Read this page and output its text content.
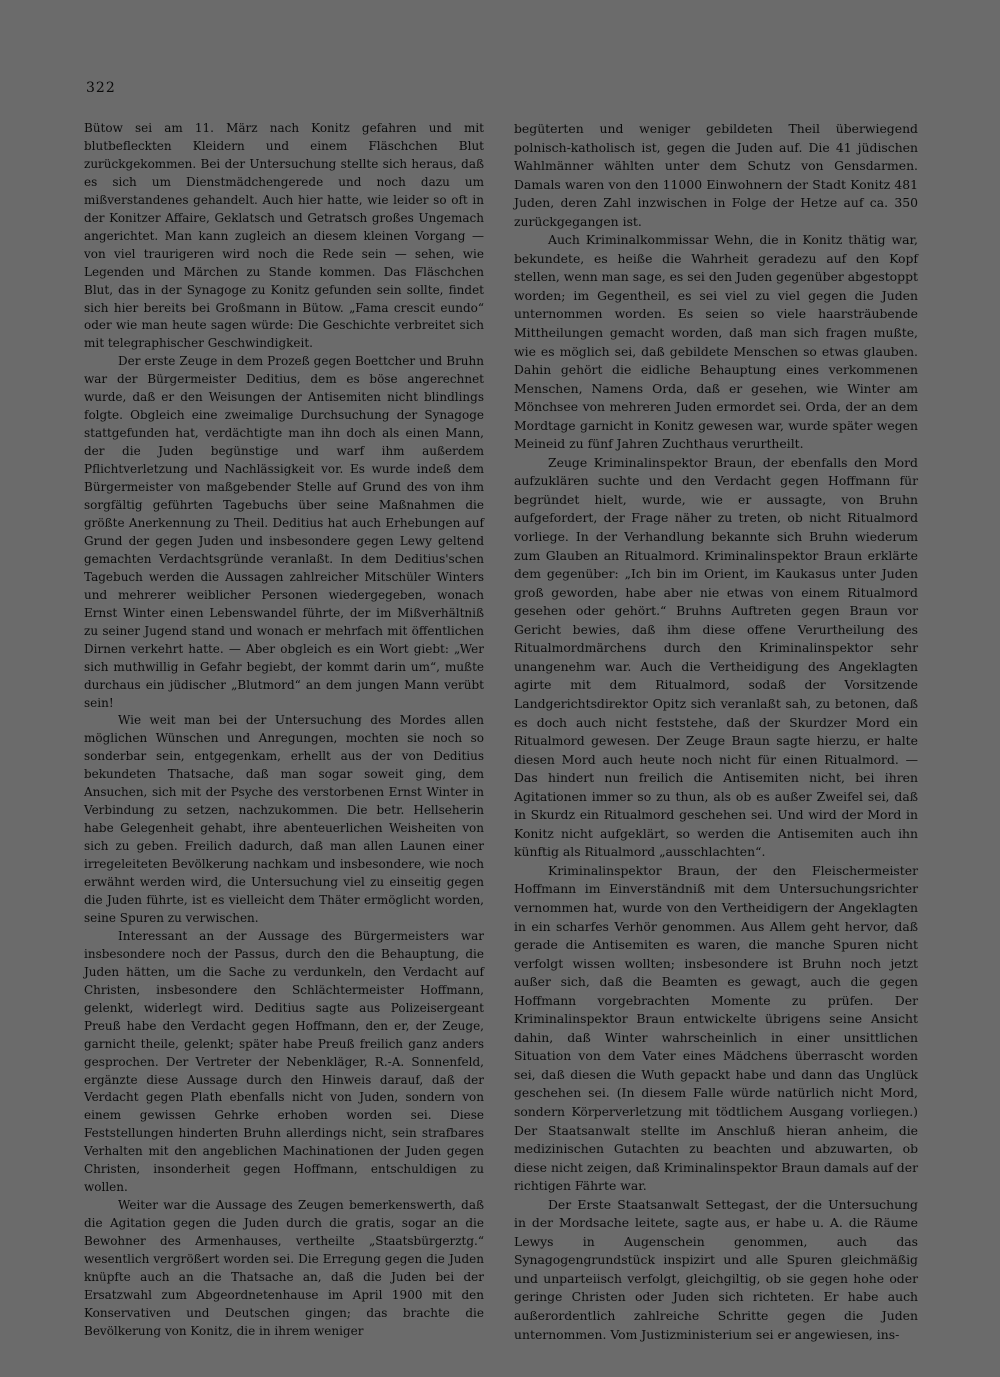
322

Bütow sei am 11. März nach Konitz gefahren und mit blutbefleckten Kleidern und einem Fläschchen Blut zurückgekommen. Bei der Untersuchung stellte sich heraus, daß es sich um Dienstmädchengerede und noch dazu um mißverstandenes gehandelt. Auch hier hatte, wie leider so oft in der Konitzer Affaire, Geklatsch und Getratsch großes Ungemach angerichtet. Man kann zugleich an diesem kleinen Vorgang — von viel traurigeren wird noch die Rede sein — sehen, wie Legenden und Märchen zu Stande kommen. Das Fläschchen Blut, das in der Synagoge zu Konitz gefunden sein sollte, findet sich hier bereits bei Großmann in Bütow. „Fama crescit eundo“ oder wie man heute sagen würde: Die Geschichte verbreitet sich mit telegraphischer Geschwindigkeit.

Der erste Zeuge in dem Prozeß gegen Boettcher und Bruhn war der Bürgermeister Deditius, dem es böse angerechnet wurde, daß er den Weisungen der Antisemiten nicht blindlings folgte. Obgleich eine zweimalige Durchsuchung der Synagoge stattgefunden hat, verdächtigte man ihn doch als einen Mann, der die Juden begünstige und warf ihm außerdem Pflichtverletzung und Nachlässigkeit vor. Es wurde indeß dem Bürgermeister von maßgebender Stelle auf Grund des von ihm sorgfältig geführten Tagebuchs über seine Maßnahmen die größte Anerkennung zu Theil. Deditius hat auch Erhebungen auf Grund der gegen Juden und insbesondere gegen Lewy geltend gemachten Verdachtsgründe veranlaßt. In dem Deditius'schen Tagebuch werden die Aussagen zahlreicher Mitschüler Winters und mehrerer weiblicher Personen wiedergegeben, wonach Ernst Winter einen Lebenswandel führte, der im Mißverhältniß zu seiner Jugend stand und wonach er mehrfach mit öffentlichen Dirnen verkehrt hatte. — Aber obgleich es ein Wort giebt: „Wer sich muthwillig in Gefahr begiebt, der kommt darin um“, mußte durchaus ein jüdischer „Blutmord“ an dem jungen Mann verübt sein!

Wie weit man bei der Untersuchung des Mordes allen möglichen Wünschen und Anregungen, mochten sie noch so sonderbar sein, entgegenkam, erhellt aus der von Deditius bekundeten Thatsache, daß man sogar soweit ging, dem Ansuchen, sich mit der Psyche des verstorbenen Ernst Winter in Verbindung zu setzen, nachzukommen. Die betr. Hellseherin habe Gelegenheit gehabt, ihre abenteuerlichen Weisheiten von sich zu geben. Freilich dadurch, daß man allen Launen einer irregeleiteten Bevölkerung nachkam und insbesondere, wie noch erwähnt werden wird, die Untersuchung viel zu einseitig gegen die Juden führte, ist es vielleicht dem Thäter ermöglicht worden, seine Spuren zu verwischen.

Interessant an der Aussage des Bürgermeisters war insbesondere noch der Passus, durch den die Behauptung, die Juden hätten, um die Sache zu verdunkeln, den Verdacht auf Christen, insbesondere den Schlächtermeister Hoffmann, gelenkt, widerlegt wird. Deditius sagte aus Polizeisergeant Preuß habe den Verdacht gegen Hoffmann, den er, der Zeuge, garnicht theile, gelenkt; später habe Preuß freilich ganz anders gesprochen. Der Vertreter der Nebenkläger, R.-A. Sonnenfeld, ergänzte diese Aussage durch den Hinweis darauf, daß der Verdacht gegen Plath ebenfalls nicht von Juden, sondern von einem gewissen Gehrke erhoben worden sei. Diese Feststellungen hinderten Bruhn allerdings nicht, sein strafbares Verhalten mit den angeblichen Machinationen der Juden gegen Christen, insonderheit gegen Hoffmann, entschuldigen zu wollen.

Weiter war die Aussage des Zeugen bemerkenswerth, daß die Agitation gegen die Juden durch die gratis, sogar an die Bewohner des Armenhauses, vertheilte „Staatsbürgerztg.“ wesentlich vergrößert worden sei. Die Erregung gegen die Juden knüpfte auch an die Thatsache an, daß die Juden bei der Ersatzwahl zum Abgeordnetenhause im April 1900 mit den Konservativen und Deutschen gingen; das brachte die Bevölkerung von Konitz, die in ihrem weniger

begüterten und weniger gebildeten Theil überwiegend polnisch-katholisch ist, gegen die Juden auf. Die 41 jüdischen Wahlmänner wählten unter dem Schutz von Gensdarmen. Damals waren von den 11000 Einwohnern der Stadt Konitz 481 Juden, deren Zahl inzwischen in Folge der Hetze auf ca. 350 zurückgegangen ist.

Auch Kriminalkommissar Wehn, die in Konitz thätig war, bekundete, es heiße die Wahrheit geradezu auf den Kopf stellen, wenn man sage, es sei den Juden gegenüber abgestoppt worden; im Gegentheil, es sei viel zu viel gegen die Juden unternommen worden. Es seien so viele haarsträubende Mittheilungen gemacht worden, daß man sich fragen mußte, wie es möglich sei, daß gebildete Menschen so etwas glauben. Dahin gehört die eidliche Behauptung eines verkommenen Menschen, Namens Orda, daß er gesehen, wie Winter am Mönchsee von mehreren Juden ermordet sei. Orda, der an dem Mordtage garnicht in Konitz gewesen war, wurde später wegen Meineid zu fünf Jahren Zuchthaus verurtheilt.

Zeuge Kriminalinspektor Braun, der ebenfalls den Mord aufzuklären suchte und den Verdacht gegen Hoffmann für begründet hielt, wurde, wie er aussagte, von Bruhn aufgefordert, der Frage näher zu treten, ob nicht Ritualmord vorliege. In der Verhandlung bekannte sich Bruhn wiederum zum Glauben an Ritualmord. Kriminalinspektor Braun erklärte dem gegenüber: „Ich bin im Orient, im Kaukasus unter Juden groß geworden, habe aber nie etwas von einem Ritualmord gesehen oder gehört.“ Bruhns Auftreten gegen Braun vor Gericht bewies, daß ihm diese offene Verurtheilung des Ritualmordmärchens durch den Kriminalinspektor sehr unangenehm war. Auch die Vertheidigung des Angeklagten agirte mit dem Ritualmord, sodaß der Vorsitzende Landgerichtsdirektor Opitz sich veranlaßt sah, zu betonen, daß es doch auch nicht feststehe, daß der Skurdzer Mord ein Ritualmord gewesen. Der Zeuge Braun sagte hierzu, er halte diesen Mord auch heute noch nicht für einen Ritualmord. — Das hindert nun freilich die Antisemiten nicht, bei ihren Agitationen immer so zu thun, als ob es außer Zweifel sei, daß in Skurdz ein Ritualmord geschehen sei. Und wird der Mord in Konitz nicht aufgeklärt, so werden die Antisemiten auch ihn künftig als Ritualmord „ausschlachten“.

Kriminalinspektor Braun, der den Fleischermeister Hoffmann im Einverständniß mit dem Untersuchungsrichter vernommen hat, wurde von den Vertheidigern der Angeklagten in ein scharfes Verhör genommen. Aus Allem geht hervor, daß gerade die Antisemiten es waren, die manche Spuren nicht verfolgt wissen wollten; insbesondere ist Bruhn noch jetzt außer sich, daß die Beamten es gewagt, auch die gegen Hoffmann vorgebrachten Momente zu prüfen. Der Kriminalinspektor Braun entwickelte übrigens seine Ansicht dahin, daß Winter wahrscheinlich in einer unsittlichen Situation von dem Vater eines Mädchens überrascht worden sei, daß diesen die Wuth gepackt habe und dann das Unglück geschehen sei. (In diesem Falle würde natürlich nicht Mord, sondern Körperverletzung mit tödtlichem Ausgang vorliegen.) Der Staatsanwalt stellte im Anschluß hieran anheim, die medizinischen Gutachten zu beachten und abzuwarten, ob diese nicht zeigen, daß Kriminalinspektor Braun damals auf der richtigen Fährte war.

Der Erste Staatsanwalt Settegast, der die Untersuchung in der Mordsache leitete, sagte aus, er habe u. A. die Räume Lewys in Augenschein genommen, auch das Synagogengrundstück inspizirt und alle Spuren gleichmäßig und unparteiisch verfolgt, gleichgiltig, ob sie gegen hohe oder geringe Christen oder Juden sich richteten. Er habe auch außerordentlich zahlreiche Schritte gegen die Juden unternommen. Vom Justizministerium sei er angewiesen, ins-
